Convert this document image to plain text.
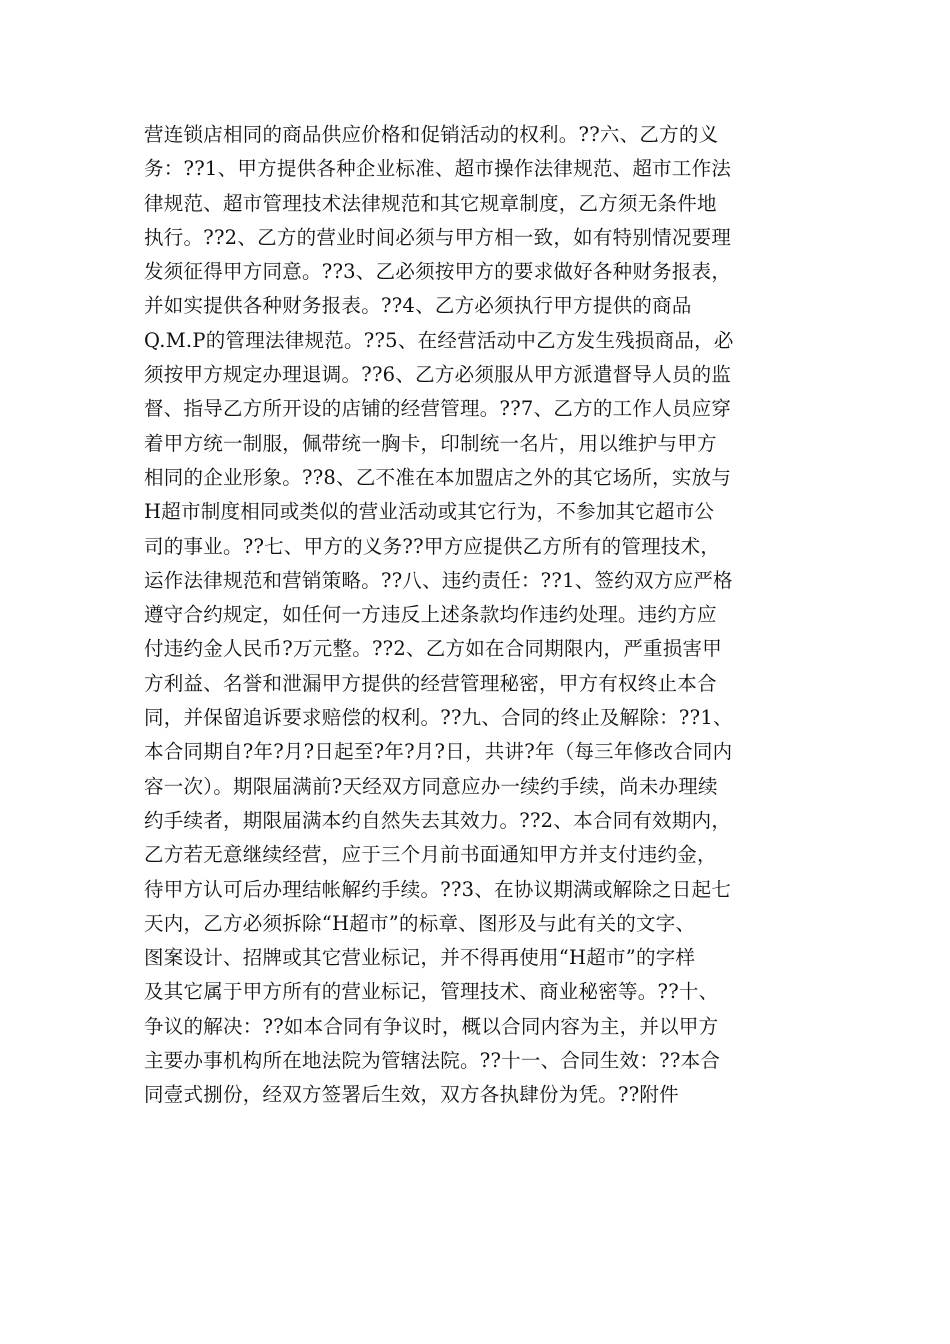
营连锁店相同的商品供应价格和促销活动的权利。??六、乙方的义
务：??1、甲方提供各种企业标准、超市操作法律规范、超市工作法
律规范、超市管理技术法律规范和其它规章制度，乙方须无条件地
执行。??2、乙方的营业时间必须与甲方相一致，如有特别情况要理
发须征得甲方同意。??3、乙必须按甲方的要求做好各种财务报表，
并如实提供各种财务报表。??4、乙方必须执行甲方提供的商品
Q.M.P的管理法律规范。??5、在经营活动中乙方发生残损商品，必
须按甲方规定办理退调。??6、乙方必须服从甲方派遣督导人员的监
督、指导乙方所开设的店铺的经营管理。??7、乙方的工作人员应穿
着甲方统一制服，佩带统一胸卡，印制统一名片，用以维护与甲方
相同的企业形象。??8、乙不准在本加盟店之外的其它场所，实放与
H超市制度相同或类似的营业活动或其它行为，不参加其它超市公
司的事业。??七、甲方的义务??甲方应提供乙方所有的管理技术，
运作法律规范和营销策略。??八、违约责任：??1、签约双方应严格
遵守合约规定，如任何一方违反上述条款均作违约处理。违约方应
付违约金人民币?万元整。??2、乙方如在合同期限内，严重损害甲
方利益、名誉和泄漏甲方提供的经营管理秘密，甲方有权终止本合
同，并保留追诉要求赔偿的权利。??九、合同的终止及解除：??1、
本合同期自?年?月?日起至?年?月?日，共讲?年（每三年修改合同内
容一次）。期限届满前?天经双方同意应办一续约手续，尚未办理续
约手续者，期限届满本约自然失去其效力。??2、本合同有效期内，
乙方若无意继续经营，应于三个月前书面通知甲方并支付违约金，
待甲方认可后办理结帐解约手续。??3、在协议期满或解除之日起七
天内，乙方必须拆除“H超市”的标章、图形及与此有关的文字、
图案设计、招牌或其它营业标记，并不得再使用“H超市”的字样
及其它属于甲方所有的营业标记，管理技术、商业秘密等。??十、
争议的解决：??如本合同有争议时，概以合同内容为主，并以甲方
主要办事机构所在地法院为管辖法院。??十一、合同生效：??本合
同壹式捌份，经双方签署后生效，双方各执肆份为凭。??附件
